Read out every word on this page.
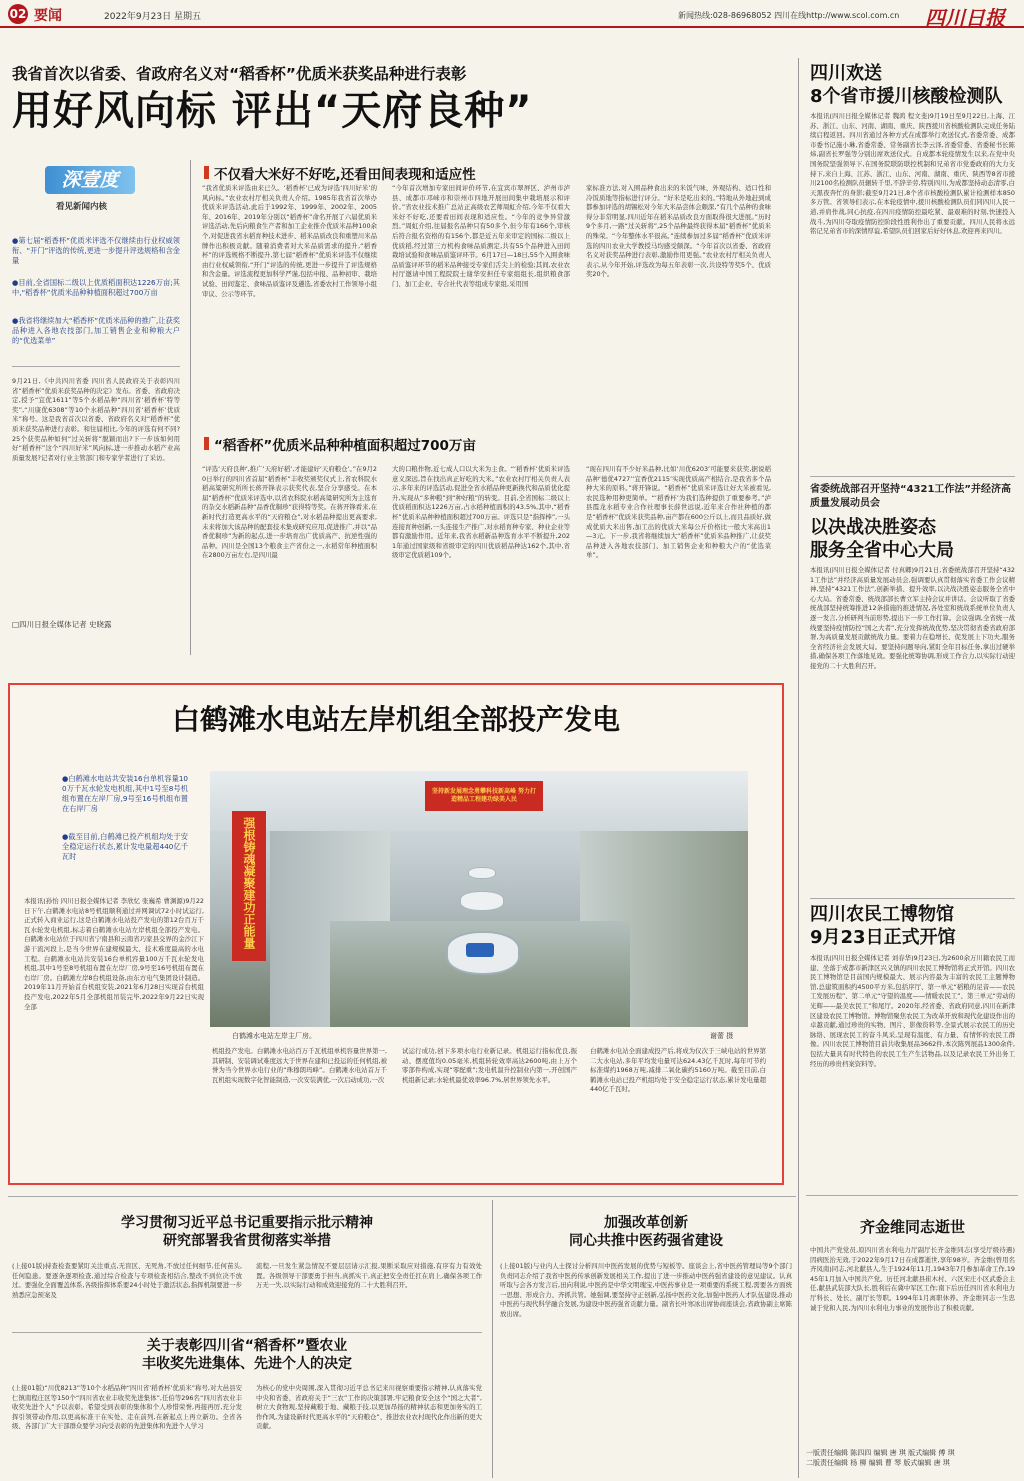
02 要闻	2022年9月23日 星期五	新闻热线:028-86968052 四川在线http://www.scol.com.cn 四川日报
我省首次以省委、省政府名义对“稻香杯”优质米获奖品种进行表彰
用好风向标 评出“天府良种”
深壹度
看见新闻内核
●第七届“稻香杯”优质米评选不仅继续由行业权威领衔、“开门”评选的传统,更进一步提升评选规格和含金量
●目前,全省国标二级以上优质稻面积达1226万亩;其中,“稻香杯”优质米品种种植面积超过700万亩
●我省将继续加大“稻香杯”优质米品种的推广,让获奖品种进入各地农技部门,加工销售企业和种粮大户的“优选菜单”
9月21日,《中共四川省委 四川省人民政府关于表彰四川省“稻香杯”优质米获奖品种的决定》发布。省委、省政府决定,授予“宜优1611”等5个水稻品种“四川省‘稻香杯’特等奖”,“川康优6308”等10个水稻品种“四川省‘稻香杯’优质米”称号。这是我省首次以省委、省政府名义对“稻香杯”优质米获奖品种进行表彰。和往届相比,今年的评选有何不同?25个获奖品种如何“过关斩将”脱颖而出?下一步该如何用好“稻香杯”这个“四川好米”风向标,进一步推动水稻产业高质量发展?记者对行业主管部门和专家学者进行了采访。
□四川日报全媒体记者 史晓露
不仅看大米好不好吃,还看田间表现和适应性
“我省优质米评选由来已久。‘稻香杯’已成为评选‘四川好米’的风向标。”农业农村厅相关负责人介绍。1985年我省首次举办优质米评选活动,此后于1992年、1999年、2002年、2005年、2016年、2019年分别以“稻香杯”命名开展了六届优质米评选活动,先后向粮食生产者和加工企业推介优质米品种100余个,对促进我省水稻育种技术进步、稻米品质改良和重塑川米品牌作出积极贡献。随着消费者对大米品质需求的提升,“稻香杯”的评选规格不断提升,第七届“稻香杯”优质米评选不仅继续由行业权威领衔,“开门”评选的传统,更进一步提升了评选规格和含金量。评选流程更加科学严谨,包括申报、品种初审、栽培试验、田间鉴定、食味品质鉴评及遴选,省委农村工作领导小组审议、公示等环节。
“今年首次增加专家田间评价环节,在宜宾市翠屏区、泸州市泸县、成都市邛崃市和崇州市四地开展田间集中栽培展示和评价。”省农业技术推广总站正高级农艺师周虹介绍,今年不仅看大米好不好吃,还要看田间表现和适应性。“今年的竞争异常激烈。”周虹介绍,往届报名品种只有50多个,但今年有166个,审核后符合报名资格的有156个,都是近五年来审定的国标二级以上优质稻,经过第三方机构食味品质测定,共有55个品种进入田间栽培试验和食味品质鉴评环节。6月17日—18日,55个入围食味品质鉴评环节的稻米品种接受专家们舌尖上的检验;其间,农业农村厅邀请中国工程院院士谢华安担任专家组组长,组织粮食部门、加工企业、专合社代表等组成专家组,采用国
家标准方法,对入围品种食出来的米饭气味、外观结构、适口性和冷饭质地等指标进行评分。“好米是吃出来的。”特地从外地赶到成都参加评选的胡锡松对今年大米品尝体会颇深,“有几个品种的食味得分非常明显,四川近年在稻米品质改良方面取得很大进展。”历时9个多月,一路“过关斩将”,25个品种最终获得本届“稻香杯”优质米的殊荣。“今年整体水平很高。”连续参加过多届“稻香杯”优质米评选的四川农业大学教授马均感受颇深。“今年首次以省委、省政府名义对获奖品种进行表彰,激励作用更强。”农业农村厅相关负责人表示,从今年开始,评选改为每五年表彰一次,共设特等奖5个、优质奖20个。
“稻香杯”优质米品种种植面积超过700万亩
“评选‘天府良种’,推广‘天府好稻’,才能建好‘天府粮仓’。”在9月20日举行的四川省首届“稻香杯”丰收奖颁奖仪式上,省农科院水稻高粱研究所所长蒋开锋表示获奖代表,坚合分享感受。在本届“稻香杯”优质米评选中,以省农科院水稻高粱研究所为主选育的杂交水稻新品种“品香优秱珍”获得特等奖。在蒋开锋看来,在新时代打造更高水平的“天府粮仓”,对水稻品种提出更高要求,未来将加大该品种的配套技术集成研究应用,促进推广,并以“品香优秱珍”为新的起点,进一步培育出广优质高产、抗逆性强的品种。四川是全国13个粮食主产省份之一,水稻常年种植面积在2800万亩左右,是四川最
大的口粮作物,近七成人口以大米为主食。“‘稻香杯’优质米评选意义深远,旨在找出真正好吃的大米。”农业农村厅相关负责人表示,多年来的评选活动,促进全省水稻品种更新换代和品质优化提升,实现从“多种粮”到“种好粮”的转变。目前,全省国标二级以上优质稻面积达1226万亩,占水稻种植面积的43.5%,其中,“稻香杯”优质米品种种植面积超过700万亩。评选只是“指挥棒”,一头连接育种创新,一头连接生产推广,对水稻育种专家、种业企业等都有激励作用。近年来,我省水稻新品种选育水平不断提升,2021年通过国家级和省级审定的四川优质稻品种达162个,其中,省级审定优质稻109个。
“现在四川有不少好米品种,比如‘川优6203’可能要来获奖,据说稻品种‘德优4727’‘宜香优2115’实现优质高产相结合,是我省多个品种大米的原料。”蒋开锋说。“稻香杯”优质米评选让好大米被看见,农民选种用种更简单。“‘稻香杯’为我们选种提供了重要参考。”泸县霞龙水稻专业合作社理事长薛世远说,近年来合作社种植的都是“稻香杯”优质米获奖品种,亩产都在600公斤以上,而且品质好,做成优质大米出售,加工出的优质大米每公斤价格比一般大米高出1—3元。下一步,我省将继续加大“稻香杯”优质米品种推广,让获奖品种进入各地农技部门、加工销售企业和种粮大户的“优选菜单”。
白鹤滩水电站左岸机组全部投产发电
●白鹤滩水电站共安装16台单机容量100万千瓦水轮发电机组,其中1号至8号机组布置在左岸厂房,9号至16号机组布置在右岸厂房
●截至目前,白鹤滩已投产机组均处于安全稳定运行状态,累计发电量超440亿千瓦时
本报讯(孙怡 四川日报全媒体记者 李欣忆 张巍希 曹渊源)9月22日下午,白鹤滩水电站8号机组顺利通过并网调试72小时试运行,正式转入商业运行,这是白鹤滩水电站投产发电的第12台百万千瓦水轮发电机组,标志着白鹤滩水电站左岸机组全部投产发电。白鹤滩水电站位于四川省宁南县和云南省巧家县交界的金沙江下游干流河段上,是当今世界在建规模最大、技术难度最高的水电工程。白鹤滩水电站共安装16台单机容量100万千瓦水轮发电机组,其中1号至8号机组布置在左岸厂房,9号至16号机组布置在右岸厂房。白鹤滩左岸8台机组设备,由东方电气集团设计制造。2019年11月开始首台机组安装,2021年6月28日实现首台机组投产发电,2022年5月全部机组吊装完毕,2022年9月22日实现全部
坚持新发展理念勇攀科技新高峰 努力打造精品工程建功绿美人民
强根铸魂凝聚建功正能量
白鹤滩水电站左岸主厂房。	谢蕾 摄
机组投产发电。白鹤滩水电站百万千瓦机组单机容量世界第一,其研制、安装调试难度远大于世界在建和已投运的任何机组,被誉为当今世界水电行业的“珠穆朗玛峰”。白鹤滩水电站首万千瓦机组实现数字化智能制造,一次安装满优,一次启动成功,一次
试运行成功,创下多项水电行业新记录。机组运行指标优良,振动、摆度值均0.05毫米,机组转轮效率高达2600吨,由上万个零部件构成,实现“零配重”;发电机温升控制业内第一,开创国产机组新记录;水轮机最优效率96.7%,居世界领先水平。
白鹤滩水电站全面建成投产后,将成为仅次于三峡电站的世界第二大水电站,多年平均发电量可达624.43亿千瓦时,每年可节约标准煤约1968万吨,减排二氧化碳约5160万吨。截至目前,白鹤滩水电站已投产机组均处于安全稳定运行状态,累计发电量超440亿千瓦时。
四川欢送
8个省市援川核酸检测队
本报讯(四川日报全媒体记者 魏鸿 程文斐)9月19日至9月22日,上海、江苏、浙江、山东、河南、湖南、重庆、陕西援川省核酸检测队完成任务陆续启程返回。四川省通过各种方式在成都举行欢送仪式,省委常委、成都市委书记施小琳,省委常委、常务副省长李云泽,省委常委、省委秘书长陈炜,副省长罗强等分别出席欢送仪式。自成都本轮疫情发生以来,在党中央国务院坚强领导下,在国务院联防联控机制和兄弟省市党委政府的大力支持下,来自上海、江苏、浙江、山东、河南、湖南、重庆、陕西等8省市援川2100名检测队员辗转千里,不辞辛劳,特别四川,为成都坚持动态清零,白天黑夜奔忙的身影;截至9月21日,8个省市核酸检测队累计检测样本850多万管。省领导们表示,在本轮疫情中,援川核酸检测队员们同四川人民一道,并肩作战,同心抗疫,在四川疫情防控最吃紧、最艰难的时刻,快速投入战斗,为四川夺取疫情防控阶段性胜利作出了重要贡献。四川人民将永远铭记兄弟省市的深情厚谊,希望队员们回家后好好休息,欢迎再来四川。
省委统战部召开坚持“4321工作法”并经济高质量发展动员会
以决战决胜姿态
服务全省中心大局
本报讯(四川日报全媒体记者 付真卿)9月21日,省委统战部召开坚持“4321工作法”并经济高质量发展动员会,强调要认真贯彻落实省委工作会议精神,坚持“4321工作法”,创新举措、提升效率,以决战决胜姿态服务全省中心大局。省委常委、统战部部长曹立军主持会议并讲话。会议听取了省委统战部坚持统筹推进12条措施的推进情况,各处室和统战系统单位负责人逐一发言,分析研判当前形势,提出下一步工作打算。会议强调,全省统一战线要坚持疫情防控“国之大者”,充分发挥统战优势,坚决贯彻省委省政府部署,为高质量发展贡献统战力量。要着力在稳增长、促发展上下功夫,服务全省经济社会发展大局。要坚持问题导向,紧盯全年目标任务,拿出过硬举措,确保各项工作落地见效。要强化统筹协调,形成工作合力,以实际行动迎接党的二十大胜利召开。
四川农民工博物馆
9月23日正式开馆
本报讯(四川日报全媒体记者 刘春华)9月23日,为2600余万川籍农民工而建、坐落于成都市新津区兴义镇的四川农民工博物馆将正式开馆。四川农民工博物馆是目前国内规模最大、展示内容最为丰富的农民工主题博物馆,总建筑面积约4500平方米,包括序厅、第一单元“稻粮的足音——农民工发展历程”、第二单元“守望的温度——情暖农民工”、第三单元“劳动的光辉——最美农民工”和尾厅。2020年,经省委、省政府同意,四川在新津区建设农民工博物馆。博物馆聚焦农民工为改革开放和现代化建设作出的卓越贡献,通过珍贵的实物、图片、影像资料等,全景式展示农民工的历史脉络、展现农民工的奋斗风采,呈现有温度、有力量、有情怀的农民工群像。四川农民工博物馆目前共收集展品3662件,本次陈列展品1300余件,包括大量具有时代特色的农民工生产生活物品,以及记录农民工外出务工经历的珍贵档案资料等。
齐金维同志逝世
中国共产党党员,原四川省水利电力厅副厅长齐金维同志(享受厅级待遇)因病医治无效,于2022年9月17日在成都逝世,享年98岁。齐金维(曾用名齐凤南)同志,河北献县人,生于1924年11月,1943年7月参加革命工作,1945年1月加入中国共产党。历任河北献县崔木村、六区宋庄小区武委会主任,献县武装部大队长,胜利后在冀中军区工作;南下后历任四川省水利电力厅科长、处长、副厅长等职。1994年1月离职休养。齐金维同志一生忠诚于党和人民,为四川水利电力事业的发展作出了积极贡献。
一版责任编辑 陈四四 编辑 唐 琪 版式编辑 傅 琪
二版责任编辑 杨 柳 编辑 曹 琴 版式编辑 唐 琪
学习贯彻习近平总书记重要指示批示精神
研究部署我省贯彻落实举措
(上接01版)持查检查要紧盯关注重点,无盲区、无死角,不放过任何细节,任何苗头,任何隐患。要逐条逐项检查,通过综合检查与专项检查相结合,整改不到位决不放过。要强化全面覆盖体系,各级指挥体系要24小时处于激活状态,指挥机制要进一步熟悉应急预案及
流程,一旦发生紧急情况不要层层请示汇报,果断采取应对措施,有序有力有效处置。各级领导干部要勇于担当,真抓实干,真正把安全责任扛在肩上,确保各项工作万无一失,以实际行动和成效迎接党的二十大胜利召开。
关于表彰四川省“稻香杯”暨农业
丰收奖先进集体、先进个人的决定
(上接01版)“川优8213”等10个水稻品种“四川省‘稻香杯’优质米”称号,对大邑县安仁镇南程庄区等150个“四川省农业丰收奖先进集体”,任伯等296名“四川省农业丰收奖先进个人”予以表彰。希望受到表彰的集体和个人珍惜荣誉,再接再厉,充分发挥引领带动作用,以更高标准干在实处、走在前列,在新起点上再立新功。全省各级、各部门广大干部群众要学习向受表彰的先进集体和先进个人学习
为核心的党中央周围,深入贯彻习近平总书记来川视察重要指示精神,认真落实党中央和省委、省政府关于“三农”工作的决策部署,牢记粮食安全这个“国之大者”,树立大食物观,坚持藏粮于地、藏粮于技,以更加昂扬的精神状态和更加务实的工作作风,为建设新时代更高水平的“天府粮仓”、推进农业农村现代化作出新的更大贡献。
加强改革创新
同心共推中医药强省建设
(上接01版)与业内人士探讨分析四川中医药发展的优势与短板等。座谈会上,省中医药管理局等9个部门负责同志介绍了我省中医药传承创新发展相关工作,提出了进一步推动中医药强省建设的意见建议。认真听取与会各方发言后,田向利说,中医药是中华文明瑰宝,中医药事业是一项重要的系统工程,需要各方面统一思想、形成合力、齐抓共管。她强调,要坚持守正创新,弘扬中医药文化,加强中医药人才队伍建设,推动中医药与现代科学融合发展,为建设中医药强省贡献力量。副省长叶寒冰出席协商座谈会,省政协副主席陈放出席。
